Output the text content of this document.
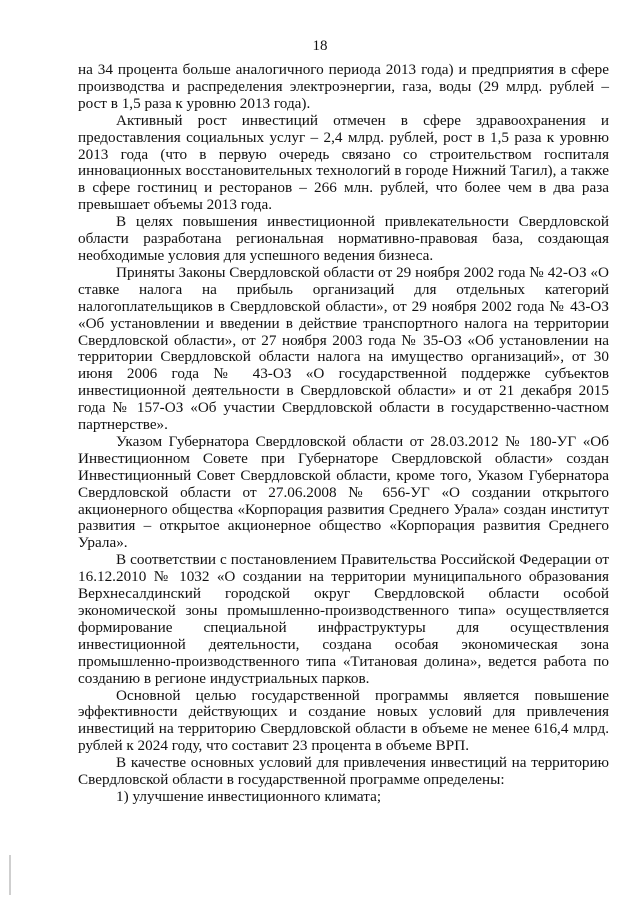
18

на 34 процента больше аналогичного периода 2013 года) и предприятия в сфере производства и распределения электроэнергии, газа, воды (29 млрд. рублей – рост в 1,5 раза к уровню 2013 года).

Активный рост инвестиций отмечен в сфере здравоохранения и предоставления социальных услуг – 2,4 млрд. рублей, рост в 1,5 раза к уровню 2013 года (что в первую очередь связано со строительством госпиталя инновационных восстановительных технологий в городе Нижний Тагил), а также в сфере гостиниц и ресторанов – 266 млн. рублей, что более чем в два раза превышает объемы 2013 года.

В целях повышения инвестиционной привлекательности Свердловской области разработана региональная нормативно-правовая база, создающая необходимые условия для успешного ведения бизнеса.

Приняты Законы Свердловской области от 29 ноября 2002 года № 42-ОЗ «О ставке налога на прибыль организаций для отдельных категорий налогоплательщиков в Свердловской области», от 29 ноября 2002 года № 43-ОЗ «Об установлении и введении в действие транспортного налога на территории Свердловской области», от 27 ноября 2003 года № 35-ОЗ «Об установлении на территории Свердловской области налога на имущество организаций», от 30 июня 2006 года № 43-ОЗ «О государственной поддержке субъектов инвестиционной деятельности в Свердловской области» и от 21 декабря 2015 года № 157-ОЗ «Об участии Свердловской области в государственно-частном партнерстве».

Указом Губернатора Свердловской области от 28.03.2012 № 180-УГ «Об Инвестиционном Совете при Губернаторе Свердловской области» создан Инвестиционный Совет Свердловской области, кроме того, Указом Губернатора Свердловской области от 27.06.2008 № 656-УГ «О создании открытого акционерного общества «Корпорация развития Среднего Урала» создан институт развития – открытое акционерное общество «Корпорация развития Среднего Урала».

В соответствии с постановлением Правительства Российской Федерации от 16.12.2010 № 1032 «О создании на территории муниципального образования Верхнесалдинский городской округ Свердловской области особой экономической зоны промышленно-производственного типа» осуществляется формирование специальной инфраструктуры для осуществления инвестиционной деятельности, создана особая экономическая зона промышленно-производственного типа «Титановая долина», ведется работа по созданию в регионе индустриальных парков.

Основной целью государственной программы является повышение эффективности действующих и создание новых условий для привлечения инвестиций на территорию Свердловской области в объеме не менее 616,4 млрд. рублей к 2024 году, что составит 23 процента в объеме ВРП.

В качестве основных условий для привлечения инвестиций на территорию Свердловской области в государственной программе определены:

1) улучшение инвестиционного климата;
